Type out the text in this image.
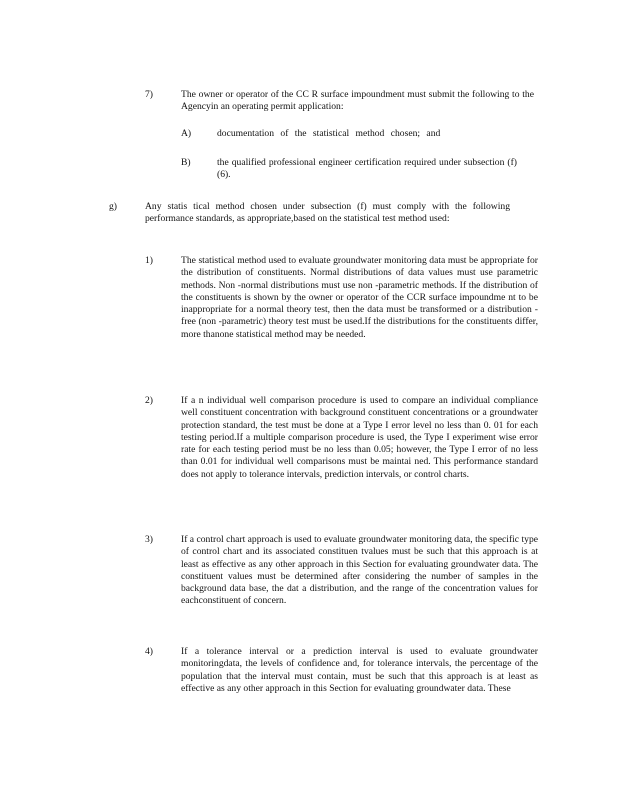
7)	The owner or operator of the CC R surface impoundment must submit the following to the Agencyin an operating permit application:
A)	documentation of the statistical method chosen; and
B)	the qualified professional engineer certification required under subsection (f)(6).
g)	Any statis tical method chosen under subsection (f) must comply with the following performance standards, as appropriate,based on the statistical test method used:
1)	The statistical method used to evaluate groundwater monitoring data must be appropriate for the distribution of constituents. Normal distributions of data values must use parametric methods. Non -normal distributions must use non -parametric methods. If the distribution of the constituents is shown by the owner or operator of the CCR surface impoundme nt to be inappropriate for a normal theory test, then the data must be transformed or a distribution -free (non -parametric) theory test must be used.If the distributions for the constituents differ, more thanone statistical method may be needed.
2)	If a n individual well comparison procedure is used to compare an individual compliance well constituent concentration with background constituent concentrations or a groundwater protection standard, the test must be done at a Type I error level no less than 0. 01 for each testing period.If a multiple comparison procedure is used, the Type I experiment wise error rate for each testing period must be no less than 0.05; however, the Type I error of no less than 0.01 for individual well comparisons must be maintai ned. This performance standard does not apply to tolerance intervals, prediction intervals, or control charts.
3)	If a control chart approach is used to evaluate groundwater monitoring data, the specific type of control chart and its associated constituen tvalues must be such that this approach is at least as effective as any other approach in this Section for evaluating groundwater data. The constituent values must be determined after considering the number of samples in the background data base, the dat a distribution, and the range of the concentration values for eachconstituent of concern.
4)	If a tolerance interval or a prediction interval is used to evaluate groundwater monitoringdata, the levels of confidence and, for tolerance intervals, the percentage of the population that the interval must contain, must be such that this approach is at least as effective as any other approach in this Section for evaluating groundwater data. These
